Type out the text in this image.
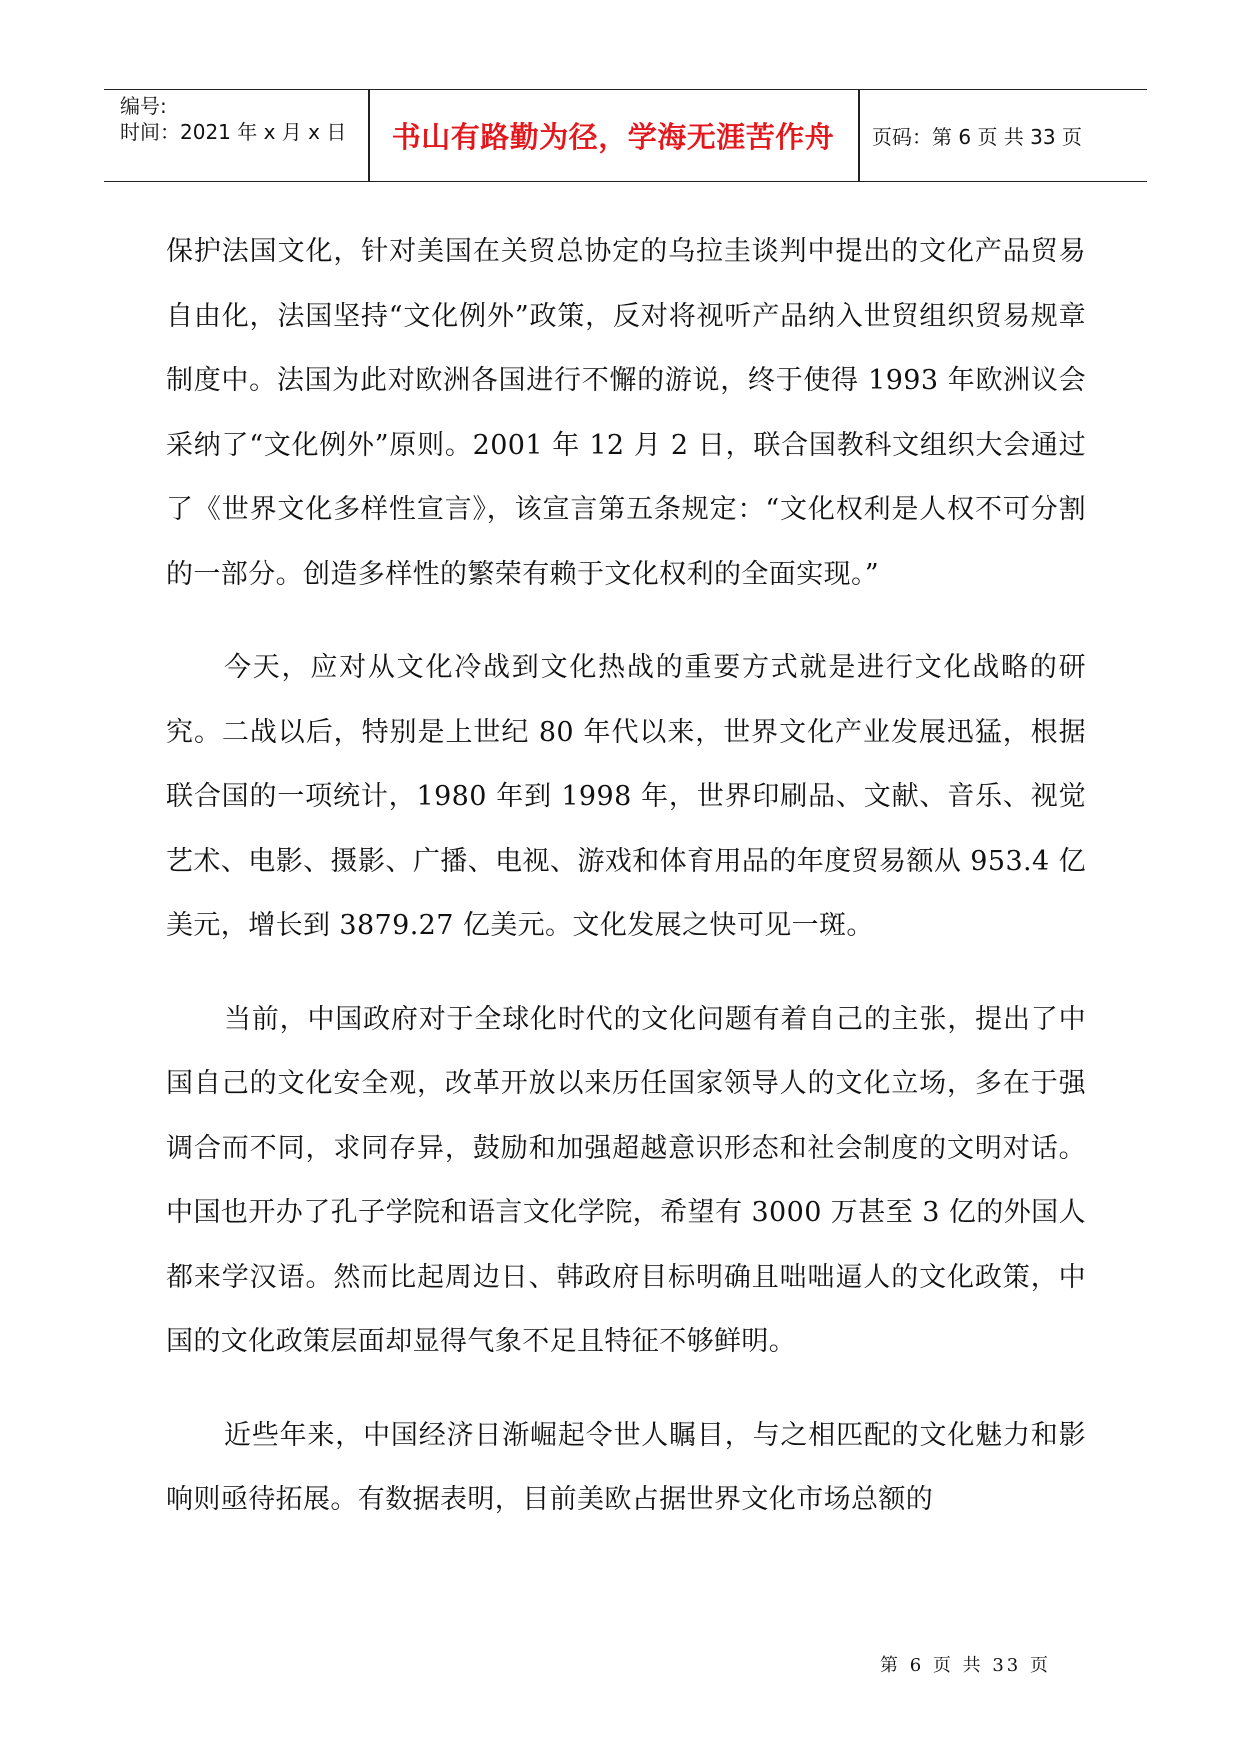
编号:
时间：2021 年 x 月 x 日	书山有路勤为径，学海无涯苦作舟	页码：第 6 页 共 33 页

保护法国文化，针对美国在关贸总协定的乌拉圭谈判中提出的文化产品贸易自由化，法国坚持“文化例外”政策，反对将视听产品纳入世贸组织贸易规章制度中。法国为此对欧洲各国进行不懈的游说，终于使得 1993 年欧洲议会采纳了“文化例外”原则。2001 年 12 月 2 日，联合国教科文组织大会通过了《世界文化多样性宣言》，该宣言第五条规定：“文化权利是人权不可分割的一部分。创造多样性的繁荣有赖于文化权利的全面实现。”

今天，应对从文化冷战到文化热战的重要方式就是进行文化战略的研究。二战以后，特别是上世纪 80 年代以来，世界文化产业发展迅猛，根据联合国的一项统计，1980 年到 1998 年，世界印刷品、文献、音乐、视觉艺术、电影、摄影、广播、电视、游戏和体育用品的年度贸易额从 953.4 亿美元，增长到 3879.27 亿美元。文化发展之快可见一斑。

当前，中国政府对于全球化时代的文化问题有着自己的主张，提出了中国自己的文化安全观，改革开放以来历任国家领导人的文化立场，多在于强调合而不同，求同存异，鼓励和加强超越意识形态和社会制度的文明对话。中国也开办了孔子学院和语言文化学院，希望有 3000 万甚至 3 亿的外国人都来学汉语。然而比起周边日、韩政府目标明确且咄咄逼人的文化政策，中国的文化政策层面却显得气象不足且特征不够鲜明。

近些年来，中国经济日渐崛起令世人瞩目，与之相匹配的文化魅力和影响则亟待拓展。有数据表明，目前美欧占据世界文化市场总额的

第 6 页 共 33 页
